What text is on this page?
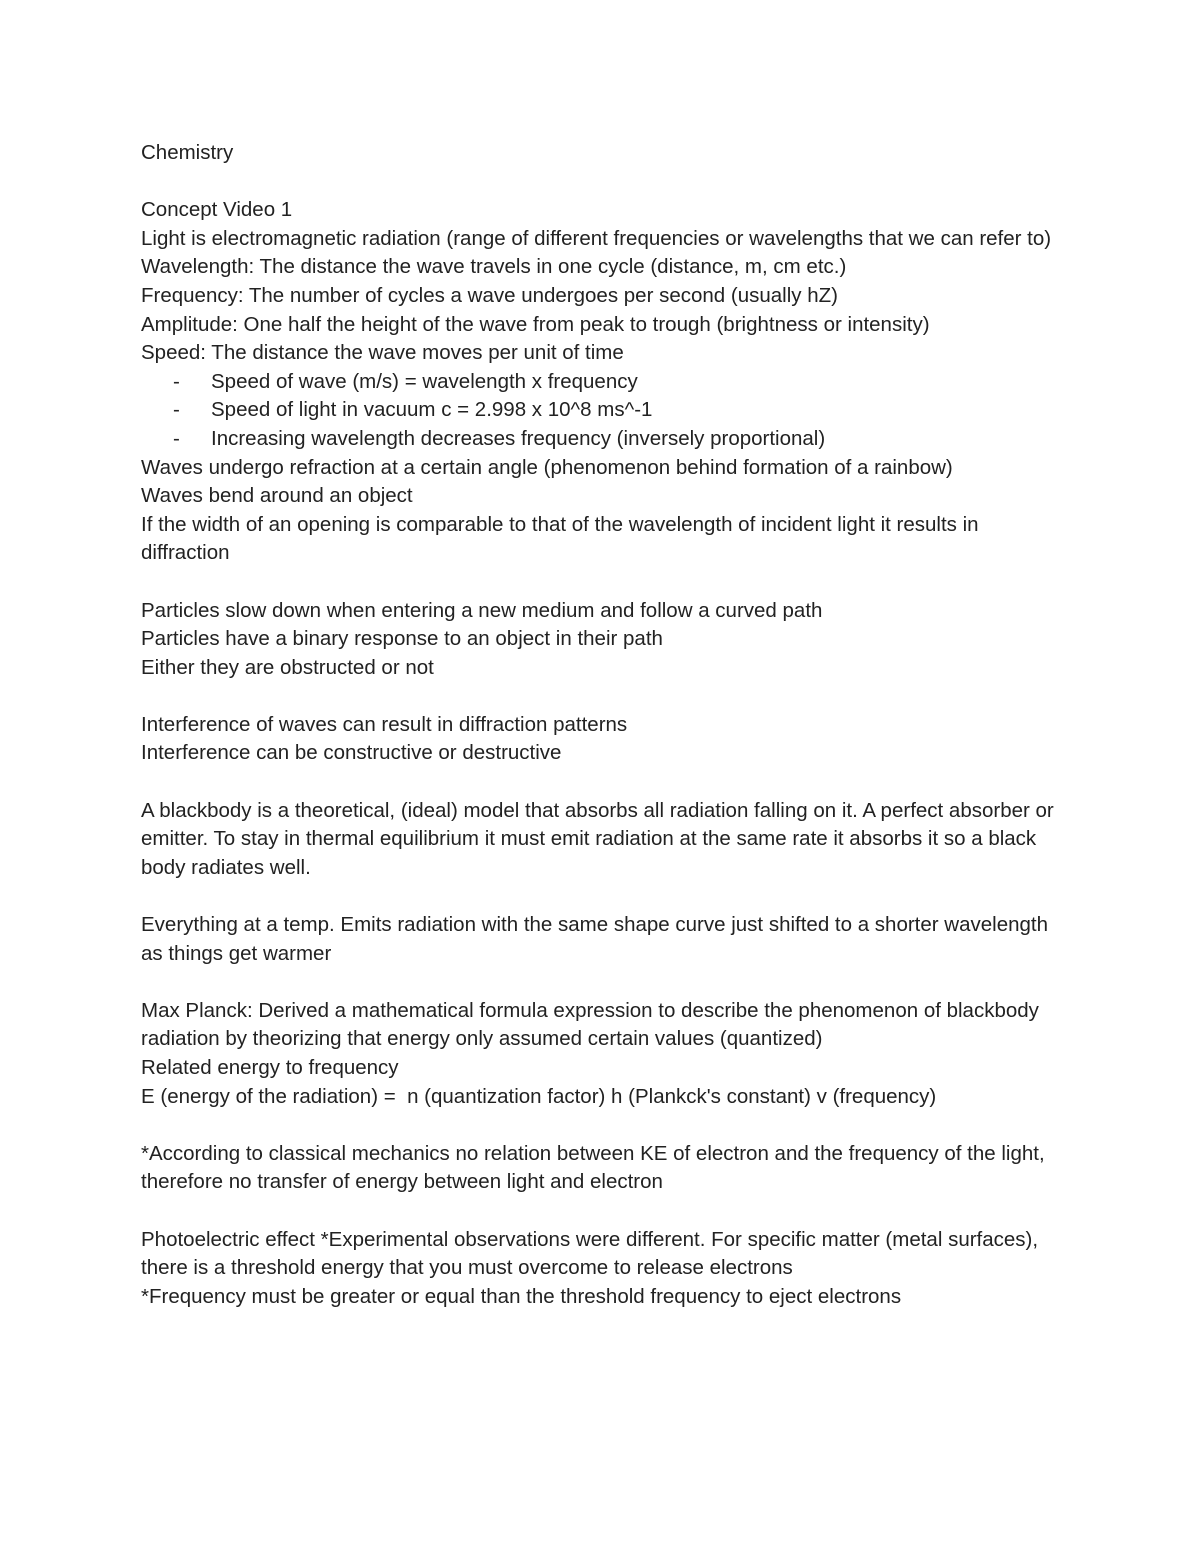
Chemistry

Concept Video 1

Light is electromagnetic radiation (range of different frequencies or wavelengths that we can refer to)

Wavelength: The distance the wave travels in one cycle (distance, m, cm etc.)

Frequency: The number of cycles a wave undergoes per second (usually hZ)

Amplitude: One half the height of the wave from peak to trough (brightness or intensity)

Speed: The distance the wave moves per unit of time

-	Speed of wave (m/s) = wavelength x frequency
-	Speed of light in vacuum c = 2.998 x 10^8 ms^-1
-	Increasing wavelength decreases frequency (inversely proportional)

Waves undergo refraction at a certain angle (phenomenon behind formation of a rainbow)

Waves bend around an object

If the width of an opening is comparable to that of the wavelength of incident light it results in diffraction

Particles slow down when entering a new medium and follow a curved path

Particles have a binary response to an object in their path

Either they are obstructed or not

Interference of waves can result in diffraction patterns

Interference can be constructive or destructive

A blackbody is a theoretical, (ideal) model that absorbs all radiation falling on it. A perfect absorber or emitter. To stay in thermal equilibrium it must emit radiation at the same rate it absorbs it so a black body radiates well.

Everything at a temp. Emits radiation with the same shape curve just shifted to a shorter wavelength as things get warmer

Max Planck: Derived a mathematical formula expression to describe the phenomenon of blackbody radiation by theorizing that energy only assumed certain values (quantized)

Related energy to frequency

E (energy of the radiation) =  n (quantization factor) h (Plankck's constant) v (frequency)

*According to classical mechanics no relation between KE of electron and the frequency of the light, therefore no transfer of energy between light and electron

Photoelectric effect *Experimental observations were different. For specific matter (metal surfaces), there is a threshold energy that you must overcome to release electrons

*Frequency must be greater or equal than the threshold frequency to eject electrons
